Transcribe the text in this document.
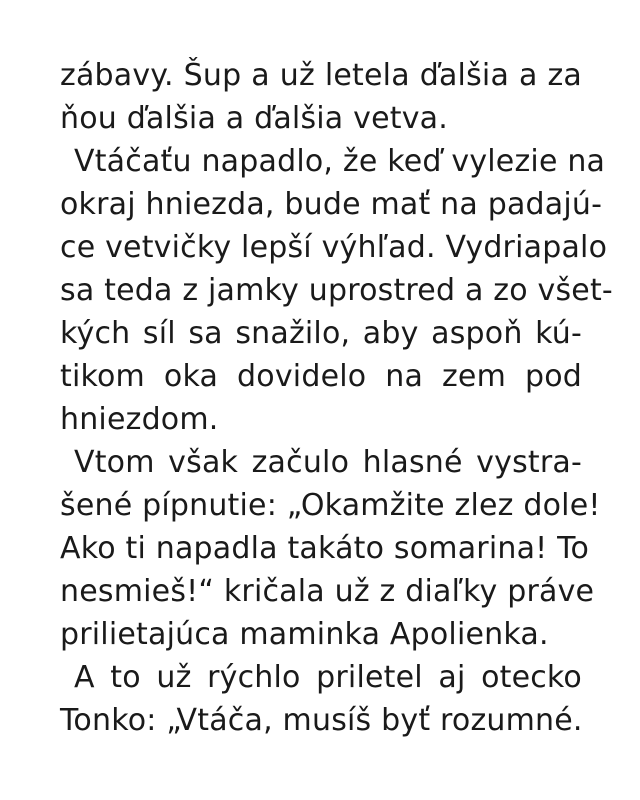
zábavy. Šup a už letela ďalšia a za
ňou ďalšia a ďalšia vetva.
Vtáčaťu napadlo, že keď vylezie na
okraj hniezda, bude mať na padajú-
ce vetvičky lepší výhľad. Vydriapalo
sa teda z jamky uprostred a zo všet-
kých síl sa snažilo, aby aspoň kú-
tikom oka dovidelo na zem pod
hniezdom.
Vtom však začulo hlasné vystra-
šené pípnutie: „Okamžite zlez dole!
Ako ti napadla takáto somarina! To
nesmieš!“ kričala už z diaľky práve
prilietajúca maminka Apolienka.
A to už rýchlo priletel aj otecko
Tonko: „Vtáča, musíš byť rozumné.
